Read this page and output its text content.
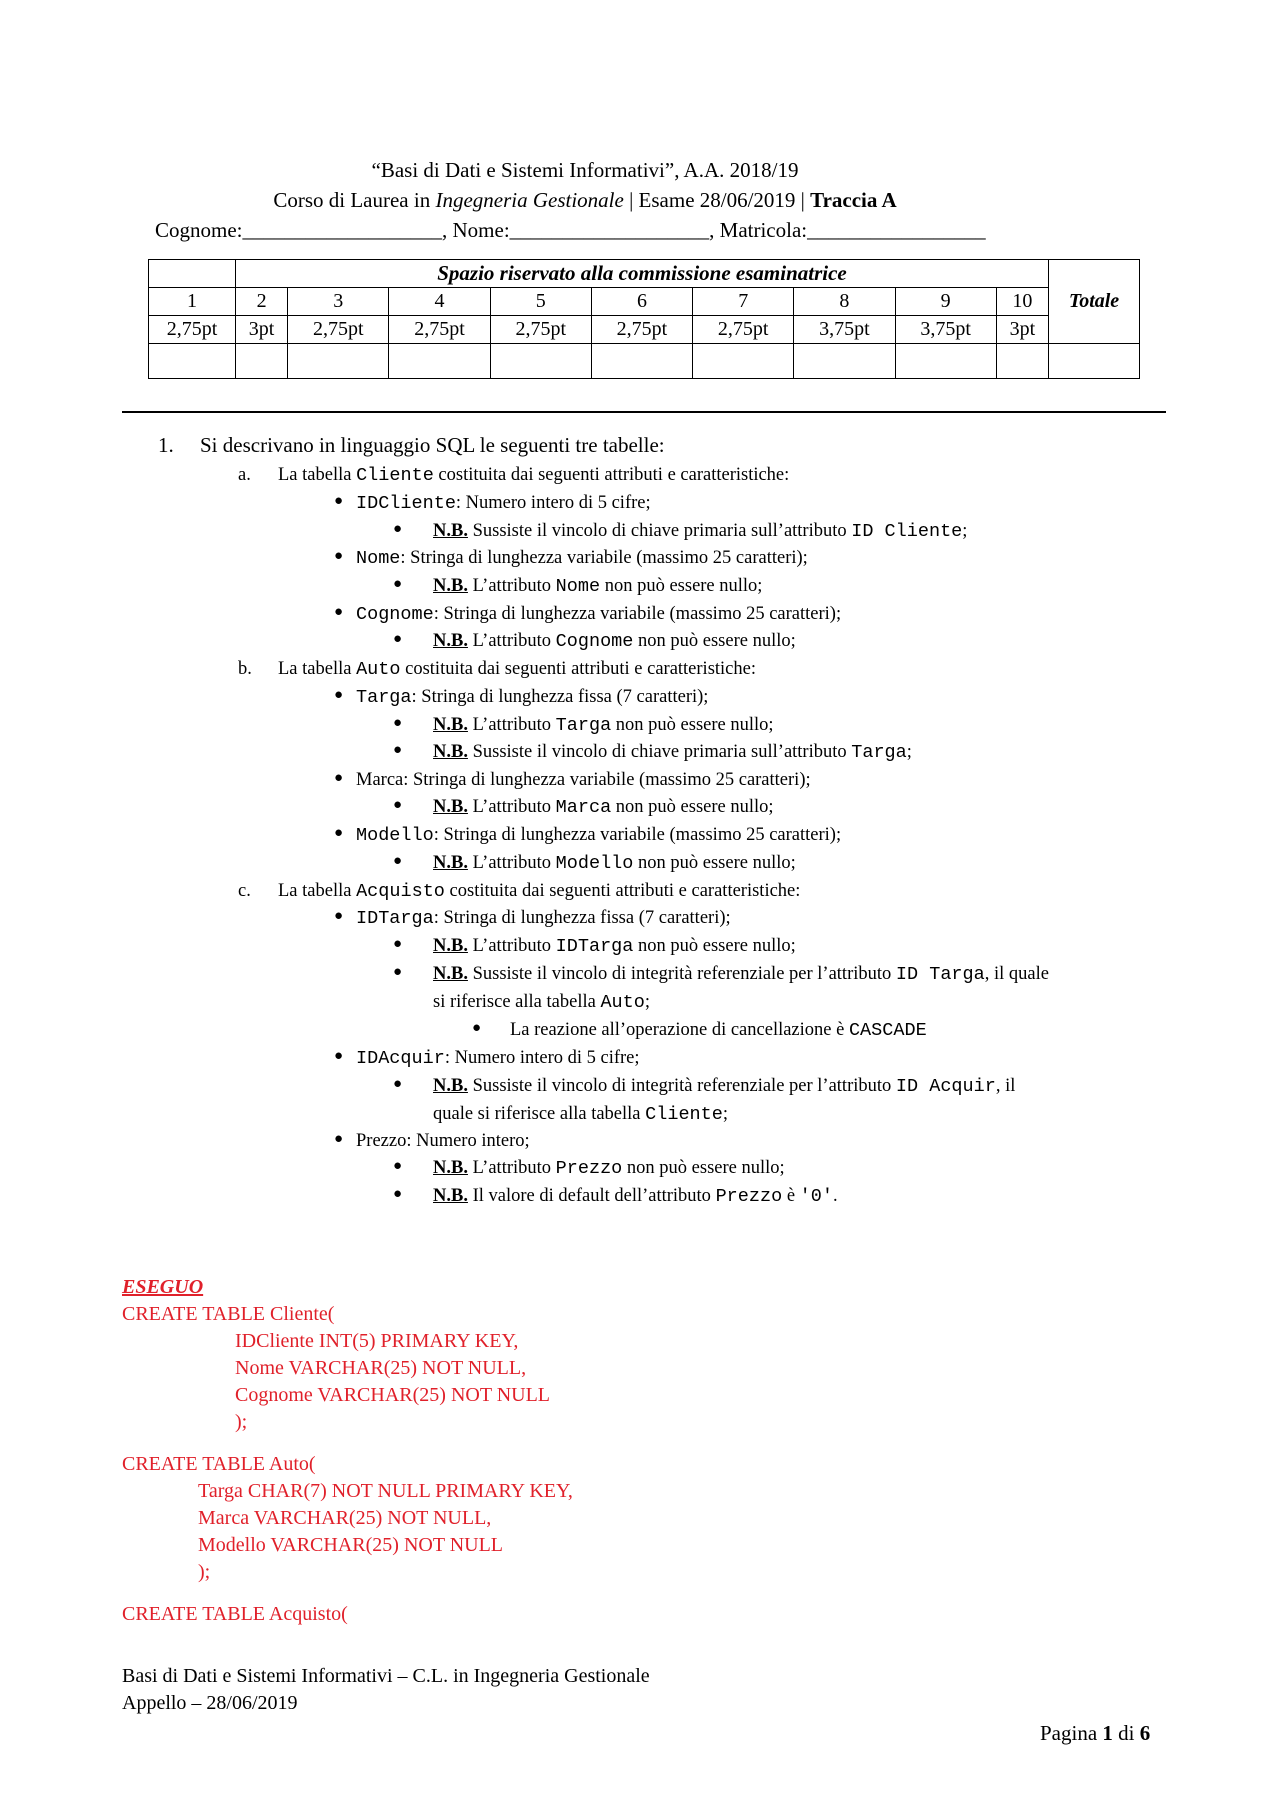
“Basi di Dati e Sistemi Informativi”, A.A. 2018/19
Corso di Laurea in Ingegneria Gestionale | Esame 28/06/2019 | Traccia A
Cognome:___________________, Nome:___________________, Matricola:_________________
	Spazio riservato alla commissione esaminatrice									Totale
1	2	3	4	5	6	7	8	9	10	
2,75pt	3pt	2,75pt	2,75pt	2,75pt	2,75pt	2,75pt	3,75pt	3,75pt	3pt	

1. Si descrivano in linguaggio SQL le seguenti tre tabelle:
a. La tabella Cliente costituita dai seguenti attributi e caratteristiche:
● IDCliente: Numero intero di 5 cifre;
● N.B. Sussiste il vincolo di chiave primaria sull’attributo ID Cliente;
● Nome: Stringa di lunghezza variabile (massimo 25 caratteri);
● N.B. L’attributo Nome non può essere nullo;
● Cognome: Stringa di lunghezza variabile (massimo 25 caratteri);
● N.B. L’attributo Cognome non può essere nullo;
b. La tabella Auto costituita dai seguenti attributi e caratteristiche:
● Targa: Stringa di lunghezza fissa (7 caratteri);
● N.B. L’attributo Targa non può essere nullo;
● N.B. Sussiste il vincolo di chiave primaria sull’attributo Targa;
● Marca: Stringa di lunghezza variabile (massimo 25 caratteri);
● N.B. L’attributo Marca non può essere nullo;
● Modello: Stringa di lunghezza variabile (massimo 25 caratteri);
● N.B. L’attributo Modello non può essere nullo;
c. La tabella Acquisto costituita dai seguenti attributi e caratteristiche:
● IDTarga: Stringa di lunghezza fissa (7 caratteri);
● N.B. L’attributo IDTarga non può essere nullo;
● N.B. Sussiste il vincolo di integrità referenziale per l’attributo ID Targa, il quale
si riferisce alla tabella Auto;
● La reazione all’operazione di cancellazione è CASCADE
● IDAcquir: Numero intero di 5 cifre;
● N.B. Sussiste il vincolo di integrità referenziale per l’attributo ID Acquir, il
quale si riferisce alla tabella Cliente;
● Prezzo: Numero intero;
● N.B. L’attributo Prezzo non può essere nullo;
● N.B. Il valore di default dell’attributo Prezzo è '0'.
ESEGUO
CREATE TABLE Cliente(
IDCliente INT(5) PRIMARY KEY,
Nome VARCHAR(25) NOT NULL,
Cognome VARCHAR(25) NOT NULL
);
CREATE TABLE Auto(
Targa CHAR(7) NOT NULL PRIMARY KEY,
Marca VARCHAR(25) NOT NULL,
Modello VARCHAR(25) NOT NULL
);
CREATE TABLE Acquisto(
Basi di Dati e Sistemi Informativi – C.L. in Ingegneria Gestionale
Appello – 28/06/2019
Pagina 1 di 6
